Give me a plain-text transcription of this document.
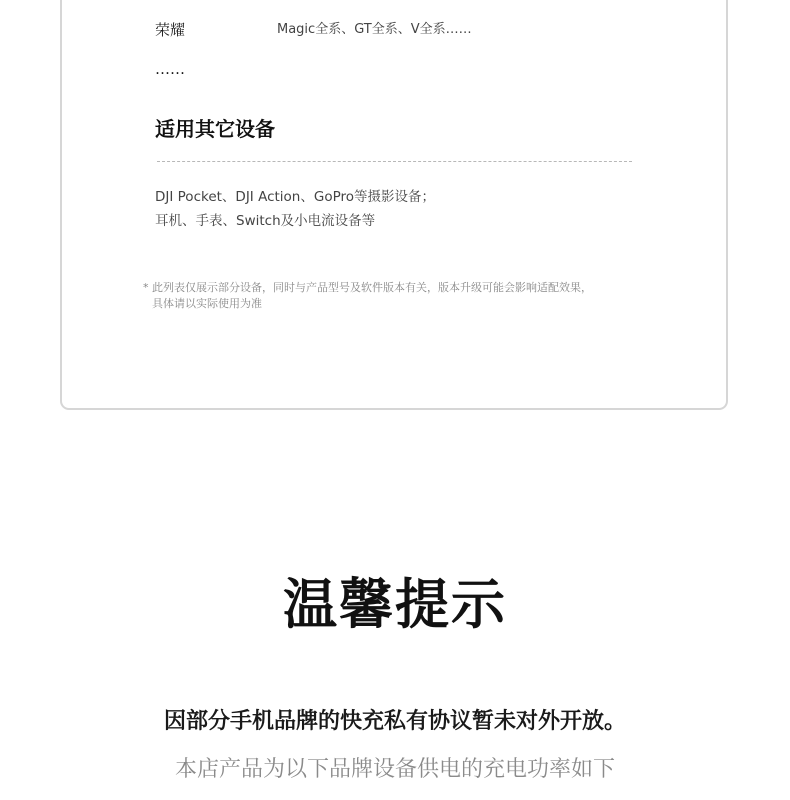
荣耀	Magic全系、GT全系、V全系……
……
适用其它设备
DJI Pocket、DJI Action、GoPro等摄影设备；
耳机、手表、Switch及小电流设备等
* 此列表仅展示部分设备，同时与产品型号及软件版本有关，版本升级可能会影响适配效果，
具体请以实际使用为准
温馨提示
因部分手机品牌的快充私有协议暂未对外开放。
本店产品为以下品牌设备供电的充电功率如下
